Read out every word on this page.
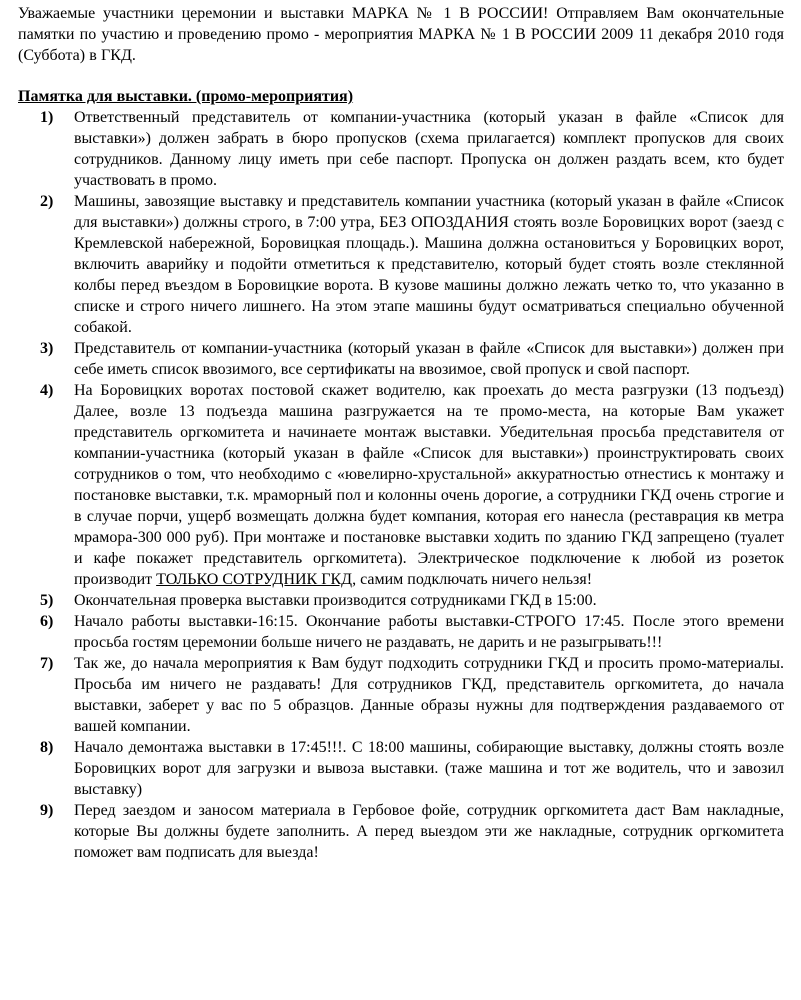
Уважаемые участники церемонии и выставки МАРКА № 1 В РОССИИ! Отправляем Вам окончательные памятки по участию и проведению промо - мероприятия МАРКА № 1 В РОССИИ 2009 11 декабря 2010 годя (Суббота) в ГКД.

Памятка для выставки. (промо-мероприятия)
1) Ответственный представитель от компании-участника (который указан в файле «Список для выставки») должен забрать в бюро пропусков (схема прилагается) комплект пропусков для своих сотрудников. Данному лицу иметь при себе паспорт. Пропуска он должен раздать всем, кто будет участвовать в промо.
2) Машины, завозящие выставку и представитель компании участника (который указан в файле «Список для выставки») должны строго, в 7:00 утра, БЕЗ ОПОЗДАНИЯ стоять возле Боровицких ворот (заезд с Кремлевской набережной, Боровицкая площадь.). Машина должна остановиться у Боровицких ворот, включить аварийку и подойти отметиться к представителю, который будет стоять возле стеклянной колбы перед въездом в Боровицкие ворота. В кузове машины должно лежать четко то, что указанно в списке и строго ничего лишнего. На этом этапе машины будут осматриваться специально обученной собакой.
3) Представитель от компании-участника (который указан в файле «Список для выставки») должен при себе иметь список ввозимого, все сертификаты на ввозимое, свой пропуск и свой паспорт.
4) На Боровицких воротах постовой скажет водителю, как проехать до места разгрузки (13 подъезд) Далее, возле 13 подъезда машина разгружается на те промо-места, на которые Вам укажет представитель оргкомитета и начинаете монтаж выставки. Убедительная просьба представителя от компании-участника (который указан в файле «Список для выставки») проинструктировать своих сотрудников о том, что необходимо с «ювелирно-хрустальной» аккуратностью отнестись к монтажу и постановке выставки, т.к. мраморный пол и колонны очень дорогие, а сотрудники ГКД очень строгие и в случае порчи, ущерб возмещать должна будет компания, которая его нанесла (реставрация кв метра мрамора-300 000 руб). При монтаже и постановке выставки ходить по зданию ГКД запрещено (туалет и кафе покажет представитель оргкомитета). Электрическое подключение к любой из розеток производит ТОЛЬКО СОТРУДНИК ГКД, самим подключать ничего нельзя!
5) Окончательная проверка выставки производится сотрудниками ГКД в 15:00.
6) Начало работы выставки-16:15. Окончание работы выставки-СТРОГО 17:45. После этого времени просьба гостям церемонии больше ничего не раздавать, не дарить и не разыгрывать!!!
7) Так же, до начала мероприятия к Вам будут подходить сотрудники ГКД и просить промо-материалы. Просьба им ничего не раздавать! Для сотрудников ГКД, представитель оргкомитета, до начала выставки, заберет у вас по 5 образцов. Данные образы нужны для подтверждения раздаваемого от вашей компании.
8) Начало демонтажа выставки в 17:45!!!. С 18:00 машины, собирающие выставку, должны стоять возле Боровицких ворот для загрузки и вывоза выставки. (таже машина и тот же водитель, что и завозил выставку)
9) Перед заездом и заносом материала в Гербовое фойе, сотрудник оргкомитета даст Вам накладные, которые Вы должны будете заполнить. А перед выездом эти же накладные, сотрудник оргкомитета поможет вам подписать для выезда!
